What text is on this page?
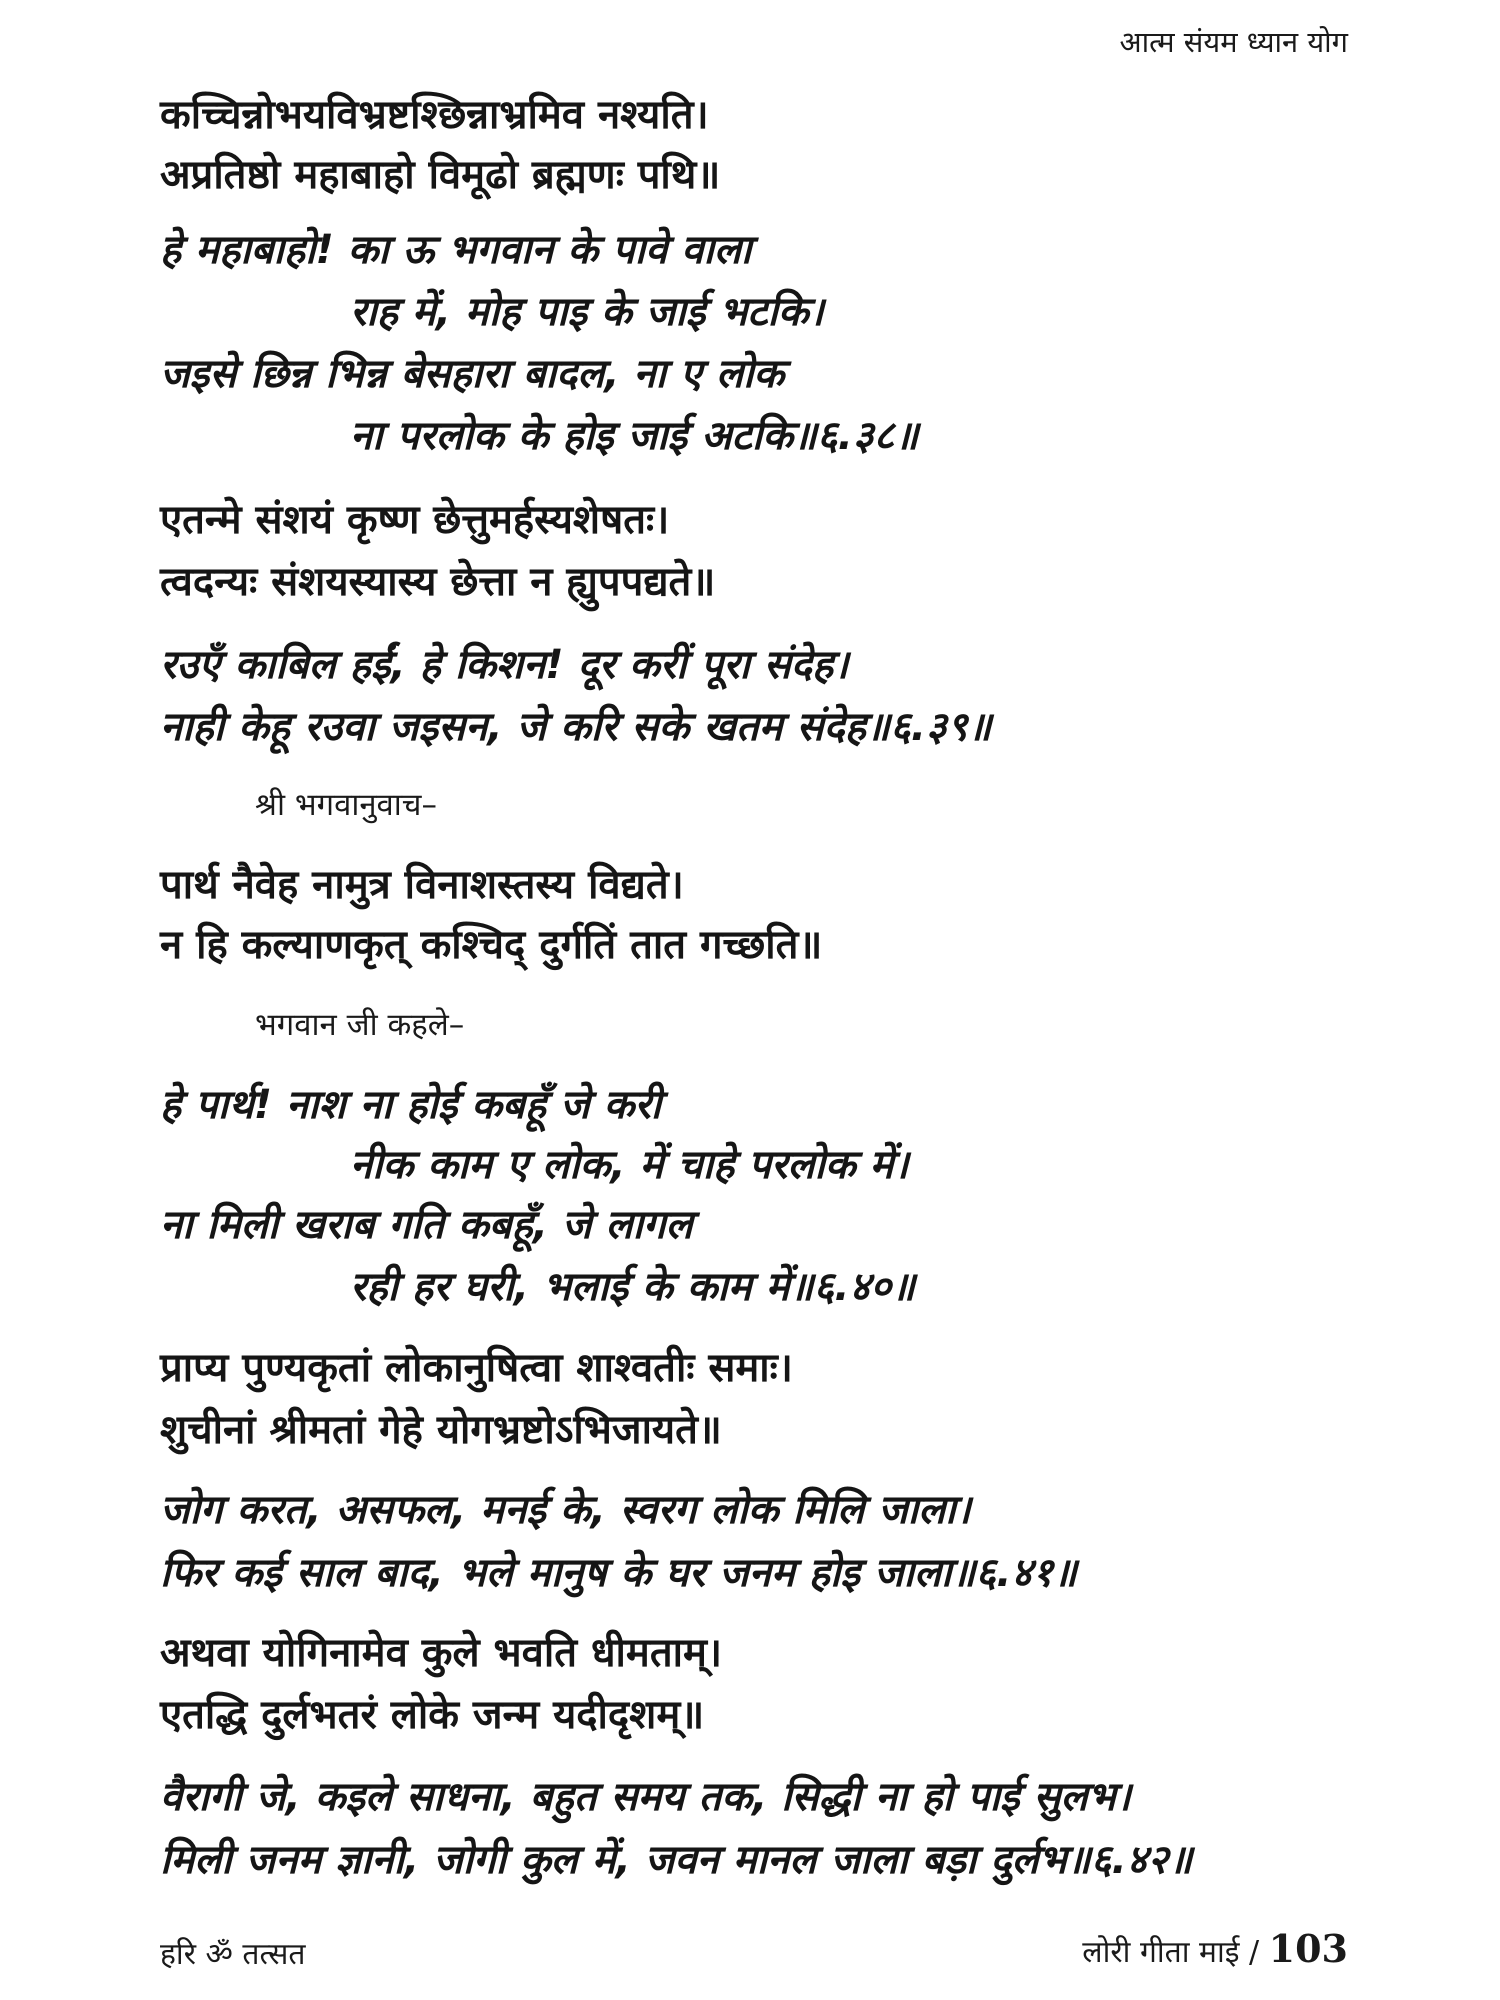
आत्म संयम ध्यान योग
कच्चिन्नोभयविभ्रष्टश्छिन्नाभ्रमिव नश्यति।
अप्रतिष्ठो महाबाहो विमूढो ब्रह्मणः पथि॥
हे महाबाहो! का ऊ भगवान के पावे वाला
राह में, मोह पाइ के जाई भटकि।
जइसे छिन्न भिन्न बेसहारा बादल, ना ए लोक
ना परलोक के होइ जाई अटकि॥६.३८॥
एतन्मे संशयं कृष्ण छेत्तुमर्हस्यशेषतः।
त्वदन्यः संशयस्यास्य छेत्ता न ह्युपपद्यते॥
रउएँ काबिल हईं, हे किशन! दूर करीं पूरा संदेह।
नाही केहू रउवा जइसन, जे करि सके खतम संदेह॥६.३९॥
श्री भगवानुवाच–
पार्थ नैवेह नामुत्र विनाशस्तस्य विद्यते।
न हि कल्याणकृत् कश्चिद् दुर्गतिं तात गच्छति॥
भगवान जी कहले–
हे पार्थ! नाश ना होई कबहूँ जे करी
नीक काम ए लोक, में चाहे परलोक में।
ना मिली खराब गति कबहूँ, जे लागल
रही हर घरी, भलाई के काम में॥६.४०॥
प्राप्य पुण्यकृतां लोकानुषित्वा शाश्वतीः समाः।
शुचीनां श्रीमतां गेहे योगभ्रष्टोऽभिजायते॥
जोग करत, असफल, मनई के, स्वरग लोक मिलि जाला।
फिर कई साल बाद, भले मानुष के घर जनम होइ जाला॥६.४१॥
अथवा योगिनामेव कुले भवति धीमताम्।
एतद्धि दुर्लभतरं लोके जन्म यदीदृशम्॥
वैरागी जे, कइले साधना, बहुत समय तक, सिद्धी ना हो पाई सुलभ।
मिली जनम ज्ञानी, जोगी कुल में, जवन मानल जाला बड़ा दुर्लभ॥६.४२॥
हरि ॐ तत्सत	लोरी गीता माई / 103
